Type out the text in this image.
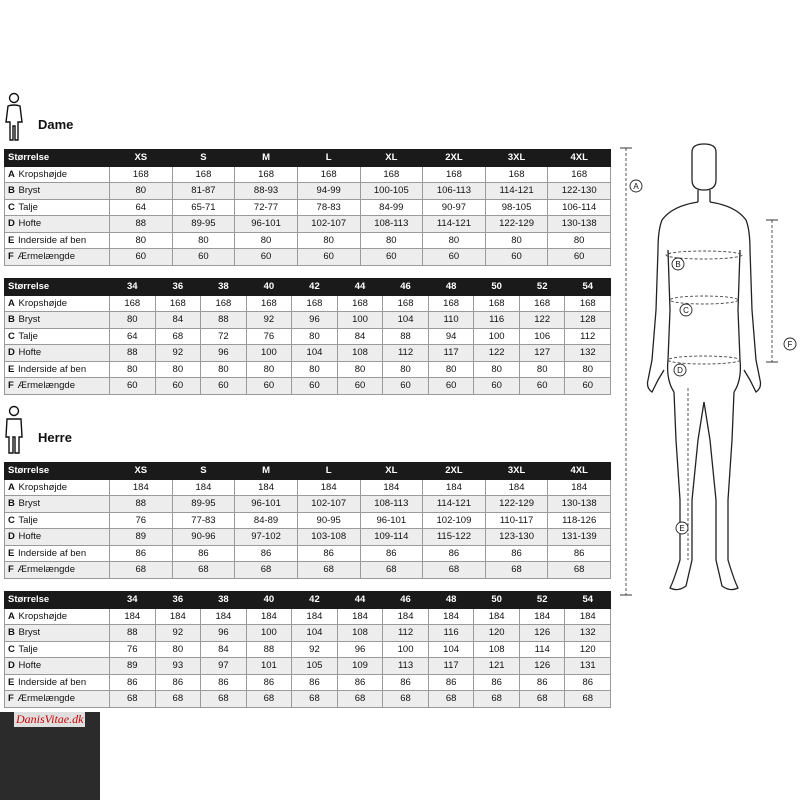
Dame
Størrelse	XS	S	M	L	XL	2XL	3XL	4XL
A Kropshøjde	168	168	168	168	168	168	168	168
B Bryst	80	81-87	88-93	94-99	100-105	106-113	114-121	122-130
C Talje	64	65-71	72-77	78-83	84-99	90-97	98-105	106-114
D Hofte	88	89-95	96-101	102-107	108-113	114-121	122-129	130-138
E Inderside af ben	80	80	80	80	80	80	80	80
F Ærmelængde	60	60	60	60	60	60	60	60
Størrelse	34	36	38	40	42	44	46	48	50	52	54
A Kropshøjde	168	168	168	168	168	168	168	168	168	168	168
B Bryst	80	84	88	92	96	100	104	110	116	122	128
C Talje	64	68	72	76	80	84	88	94	100	106	112
D Hofte	88	92	96	100	104	108	112	117	122	127	132
E Inderside af ben	80	80	80	80	80	80	80	80	80	80	80
F Ærmelængde	60	60	60	60	60	60	60	60	60	60	60
Herre
Størrelse	XS	S	M	L	XL	2XL	3XL	4XL
A Kropshøjde	184	184	184	184	184	184	184	184
B Bryst	88	89-95	96-101	102-107	108-113	114-121	122-129	130-138
C Talje	76	77-83	84-89	90-95	96-101	102-109	110-117	118-126
D Hofte	89	90-96	97-102	103-108	109-114	115-122	123-130	131-139
E Inderside af ben	86	86	86	86	86	86	86	86
F Ærmelængde	68	68	68	68	68	68	68	68
Størrelse	34	36	38	40	42	44	46	48	50	52	54
A Kropshøjde	184	184	184	184	184	184	184	184	184	184	184
B Bryst	88	92	96	100	104	108	112	116	120	126	132
C Talje	76	80	84	88	92	96	100	104	108	114	120
D Hofte	89	93	97	101	105	109	113	117	121	126	131
E Inderside af ben	86	86	86	86	86	86	86	86	86	86	86
F Ærmelængde	68	68	68	68	68	68	68	68	68	68	68
A
B
C
D
E
F
DanisVitae.dk
